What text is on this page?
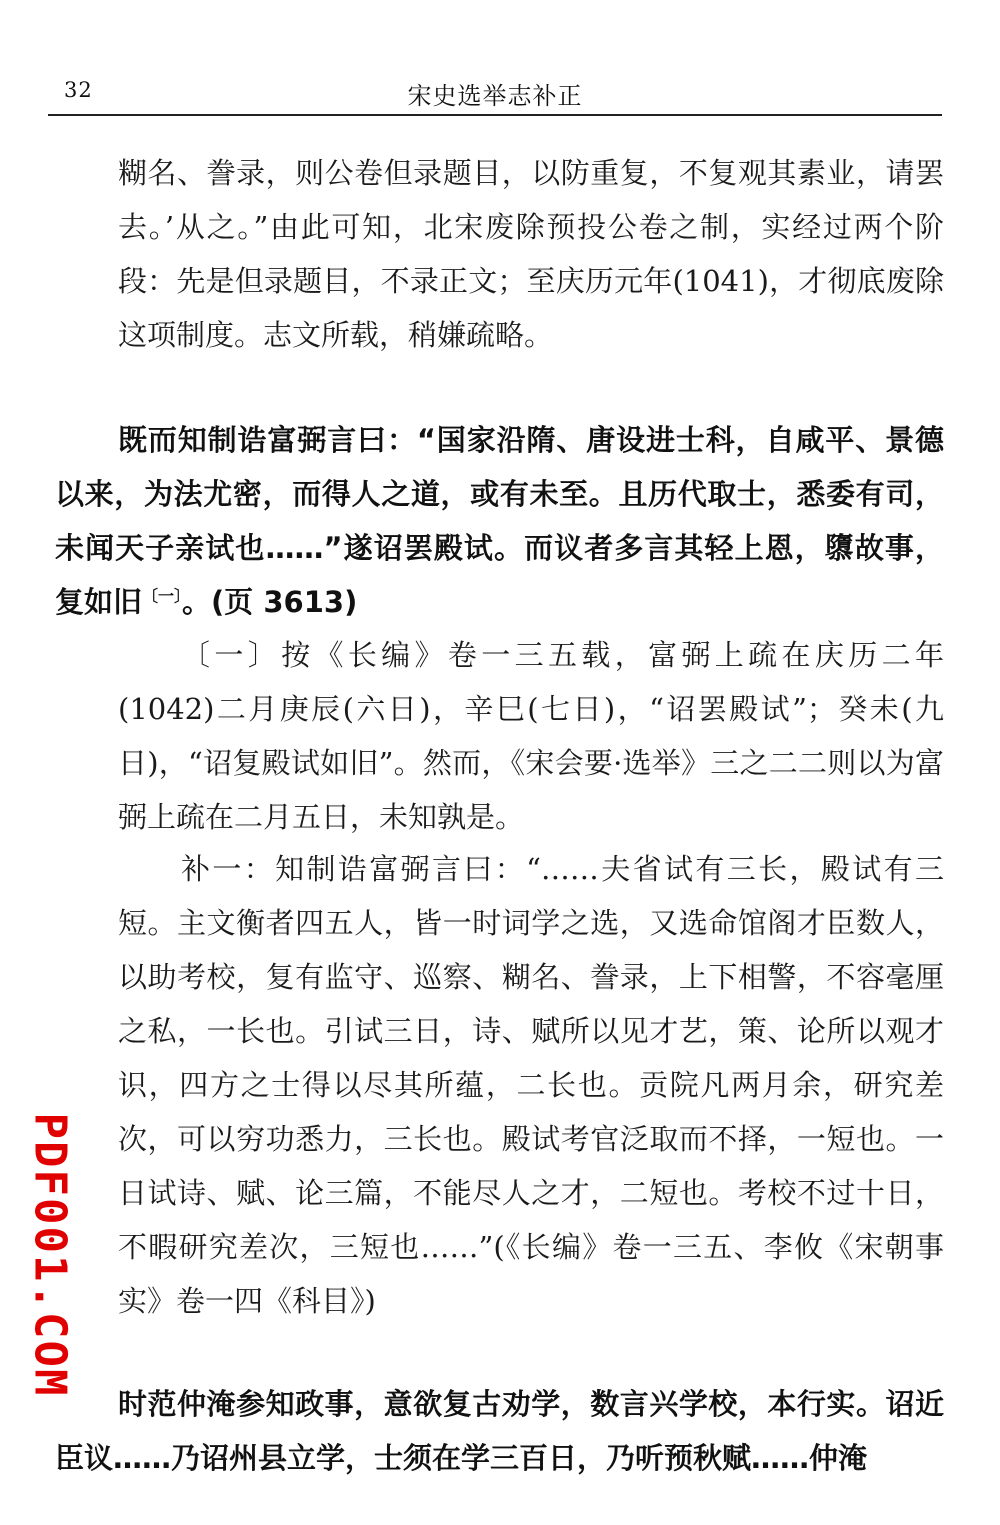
32	宋史选举志补正

糊名、誊录，则公卷但录题目，以防重复，不复观其素业，请罢去。’从之。”由此可知，北宋废除预投公卷之制，实经过两个阶段：先是但录题目，不录正文；至庆历元年(1041)，才彻底废除这项制度。志文所载，稍嫌疏略。

既而知制诰富弼言曰：“国家沿隋、唐设进士科，自咸平、景德以来，为法尤密，而得人之道，或有未至。且历代取士，悉委有司，未闻天子亲试也……”遂诏罢殿试。而议者多言其轻上恩，隳故事，复如旧$^{〔一〕}$。(页 3613)

〔一〕按《长编》卷一三五载，富弼上疏在庆历二年(1042)二月庚辰(六日)，辛巳(七日)，“诏罢殿试”；癸未(九日)，“诏复殿试如旧”。然而，《宋会要·选举》三之二二则以为富弼上疏在二月五日，未知孰是。

补一：知制诰富弼言曰：“……夫省试有三长，殿试有三短。主文衡者四五人，皆一时词学之选，又选命馆阁才臣数人，以助考校，复有监守、巡察、糊名、誊录，上下相警，不容毫厘之私，一长也。引试三日，诗、赋所以见才艺，策、论所以观才识，四方之士得以尽其所蕴，二长也。贡院凡两月余，研究差次，可以穷功悉力，三长也。殿试考官泛取而不择，一短也。一日试诗、赋、论三篇，不能尽人之才，二短也。考校不过十日，不暇研究差次，三短也……”(《长编》卷一三五、李攸《宋朝事实》卷一四《科目》)

时范仲淹参知政事，意欲复古劝学，数言兴学校，本行实。诏近臣议……乃诏州县立学，士须在学三百日，乃听预秋赋……仲淹

PDF001.COM
